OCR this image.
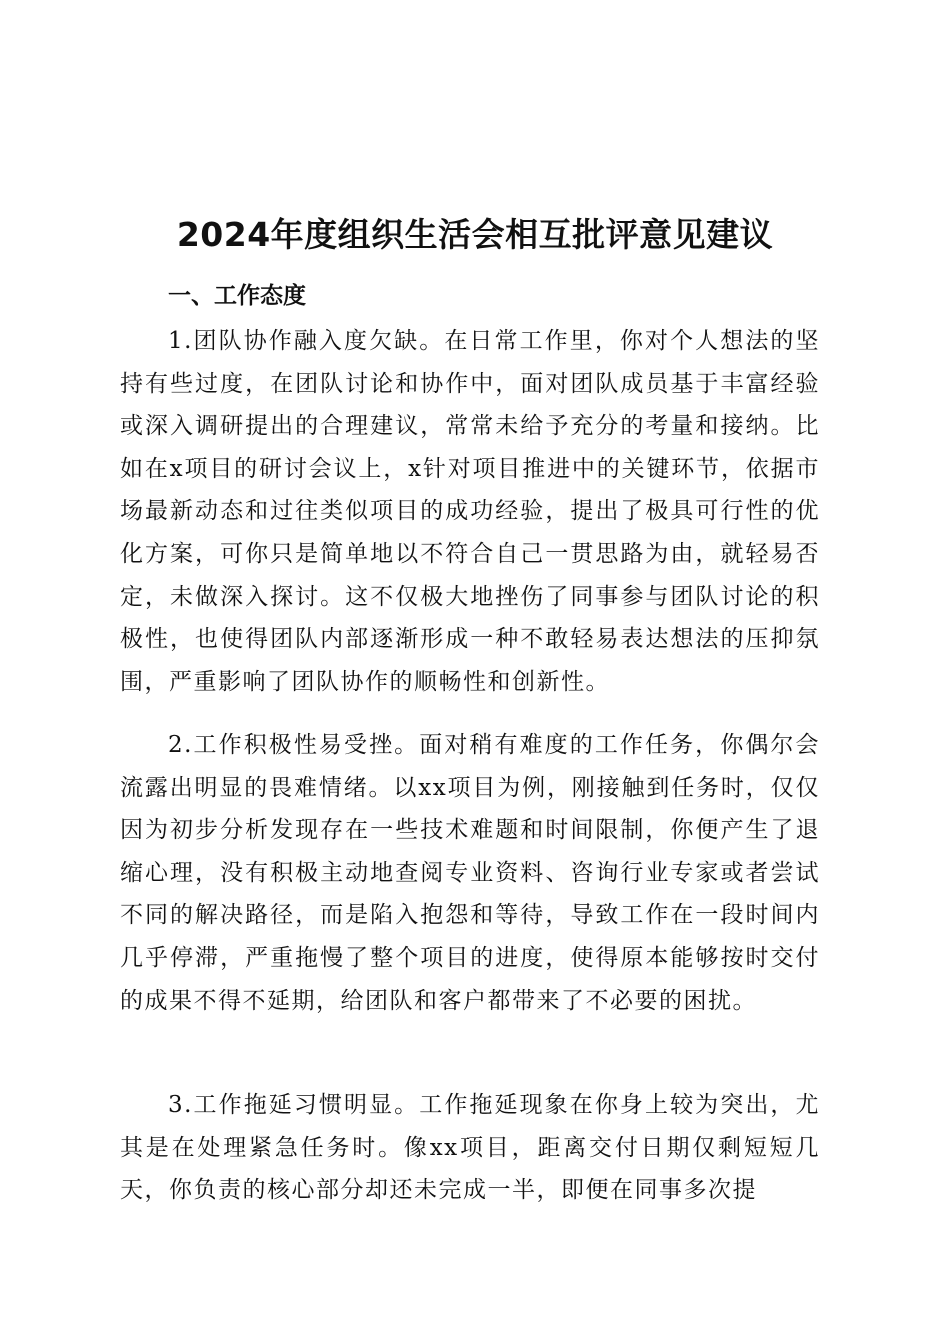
2024年度组织生活会相互批评意见建议
一、工作态度

1.团队协作融入度欠缺。在日常工作里，你对个人想法的坚持有些过度，在团队讨论和协作中，面对团队成员基于丰富经验或深入调研提出的合理建议，常常未给予充分的考量和接纳。比如在x项目的研讨会议上，x针对项目推进中的关键环节，依据市场最新动态和过往类似项目的成功经验，提出了极具可行性的优化方案，可你只是简单地以不符合自己一贯思路为由，就轻易否定，未做深入探讨。这不仅极大地挫伤了同事参与团队讨论的积极性，也使得团队内部逐渐形成一种不敢轻易表达想法的压抑氛围，严重影响了团队协作的顺畅性和创新性。

2.工作积极性易受挫。面对稍有难度的工作任务，你偶尔会流露出明显的畏难情绪。以xx项目为例，刚接触到任务时，仅仅因为初步分析发现存在一些技术难题和时间限制，你便产生了退缩心理，没有积极主动地查阅专业资料、咨询行业专家或者尝试不同的解决路径，而是陷入抱怨和等待，导致工作在一段时间内几乎停滞，严重拖慢了整个项目的进度，使得原本能够按时交付的成果不得不延期，给团队和客户都带来了不必要的困扰。

3.工作拖延习惯明显。工作拖延现象在你身上较为突出，尤其是在处理紧急任务时。像xx项目，距离交付日期仅剩短短几天，你负责的核心部分却还未完成一半，即便在同事多次提
